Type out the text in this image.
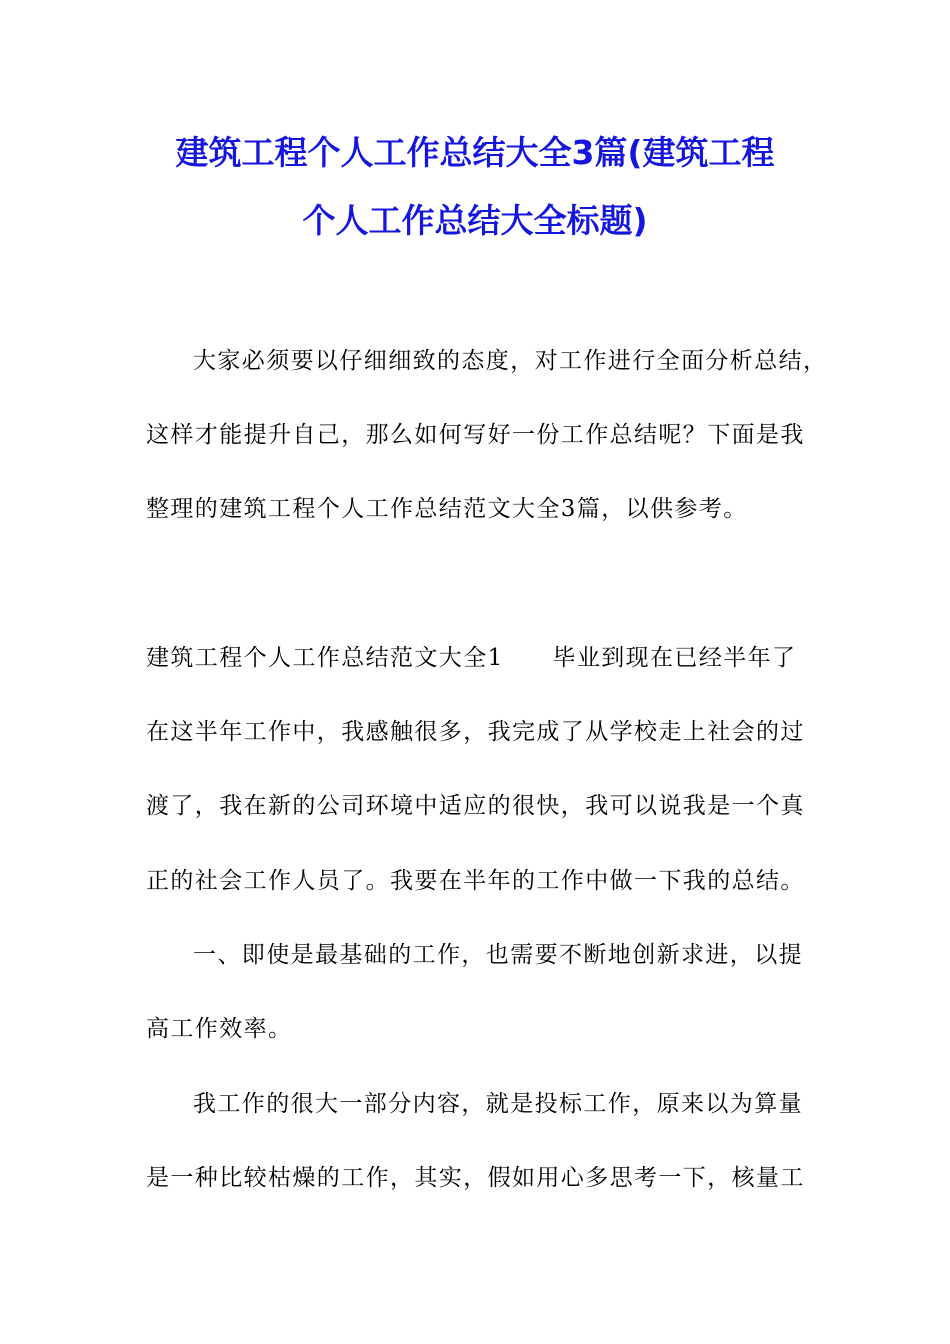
建筑工程个人工作总结大全3篇(建筑工程
个人工作总结大全标题)
大家必须要以仔细细致的态度，对工作进行全面分析总结，
这样才能提升自己，那么如何写好一份工作总结呢？下面是我
整理的建筑工程个人工作总结范文大全3篇，以供参考。
建筑工程个人工作总结范文大全1　　毕业到现在已经半年了
在这半年工作中，我感触很多，我完成了从学校走上社会的过
渡了，我在新的公司环境中适应的很快，我可以说我是一个真
正的社会工作人员了。我要在半年的工作中做一下我的总结。
一、即使是最基础的工作，也需要不断地创新求进，以提
高工作效率。
我工作的很大一部分内容，就是投标工作，原来以为算量
是一种比较枯燥的工作，其实，假如用心多思考一下，核量工
